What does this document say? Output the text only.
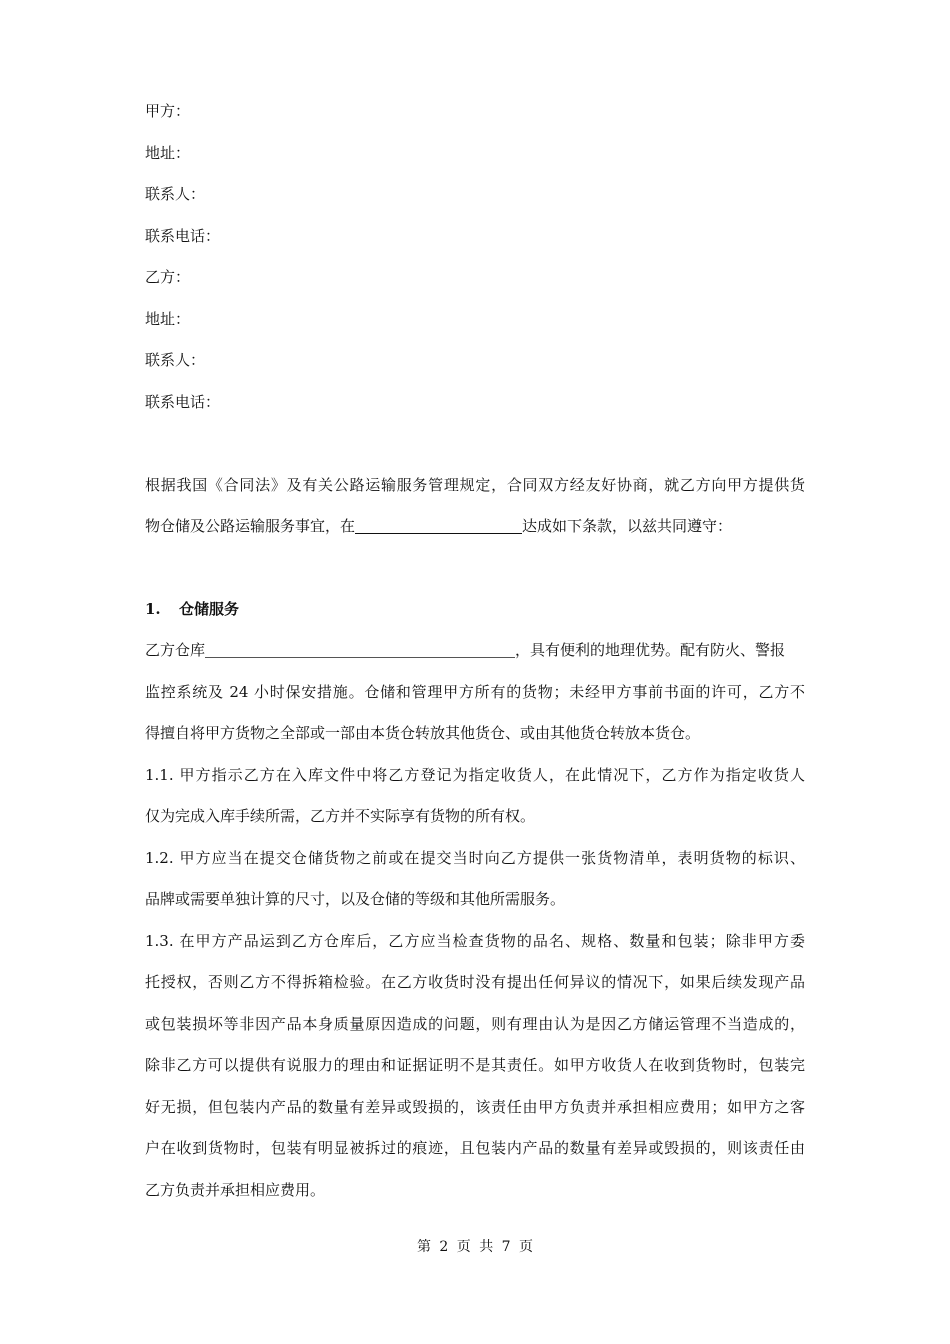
甲方：
地址：
联系人：
联系电话：
乙方：
地址：
联系人：
联系电话：
根据我国《合同法》及有关公路运输服务管理规定，合同双方经友好协商，就乙方向甲方提供货
物仓储及公路运输服务事宜，在	达成如下条款，以兹共同遵守：
1. 仓储服务
乙方仓库	，具有便利的地理优势。配有防火、警报
监控系统及 24 小时保安措施。仓储和管理甲方所有的货物；未经甲方事前书面的许可，乙方不
得擅自将甲方货物之全部或一部由本货仓转放其他货仓、或由其他货仓转放本货仓。
1.1. 甲方指示乙方在入库文件中将乙方登记为指定收货人，在此情况下，乙方作为指定收货人
仅为完成入库手续所需，乙方并不实际享有货物的所有权。
1.2. 甲方应当在提交仓储货物之前或在提交当时向乙方提供一张货物清单，表明货物的标识、
品牌或需要单独计算的尺寸，以及仓储的等级和其他所需服务。
1.3. 在甲方产品运到乙方仓库后，乙方应当检查货物的品名、规格、数量和包装；除非甲方委
托授权，否则乙方不得拆箱检验。在乙方收货时没有提出任何异议的情况下，如果后续发现产品
或包装损坏等非因产品本身质量原因造成的问题，则有理由认为是因乙方储运管理不当造成的，
除非乙方可以提供有说服力的理由和证据证明不是其责任。如甲方收货人在收到货物时，包装完
好无损，但包装内产品的数量有差异或毁损的，该责任由甲方负责并承担相应费用；如甲方之客
户在收到货物时，包装有明显被拆过的痕迹，且包装内产品的数量有差异或毁损的，则该责任由
乙方负责并承担相应费用。
第 2 页 共 7 页
